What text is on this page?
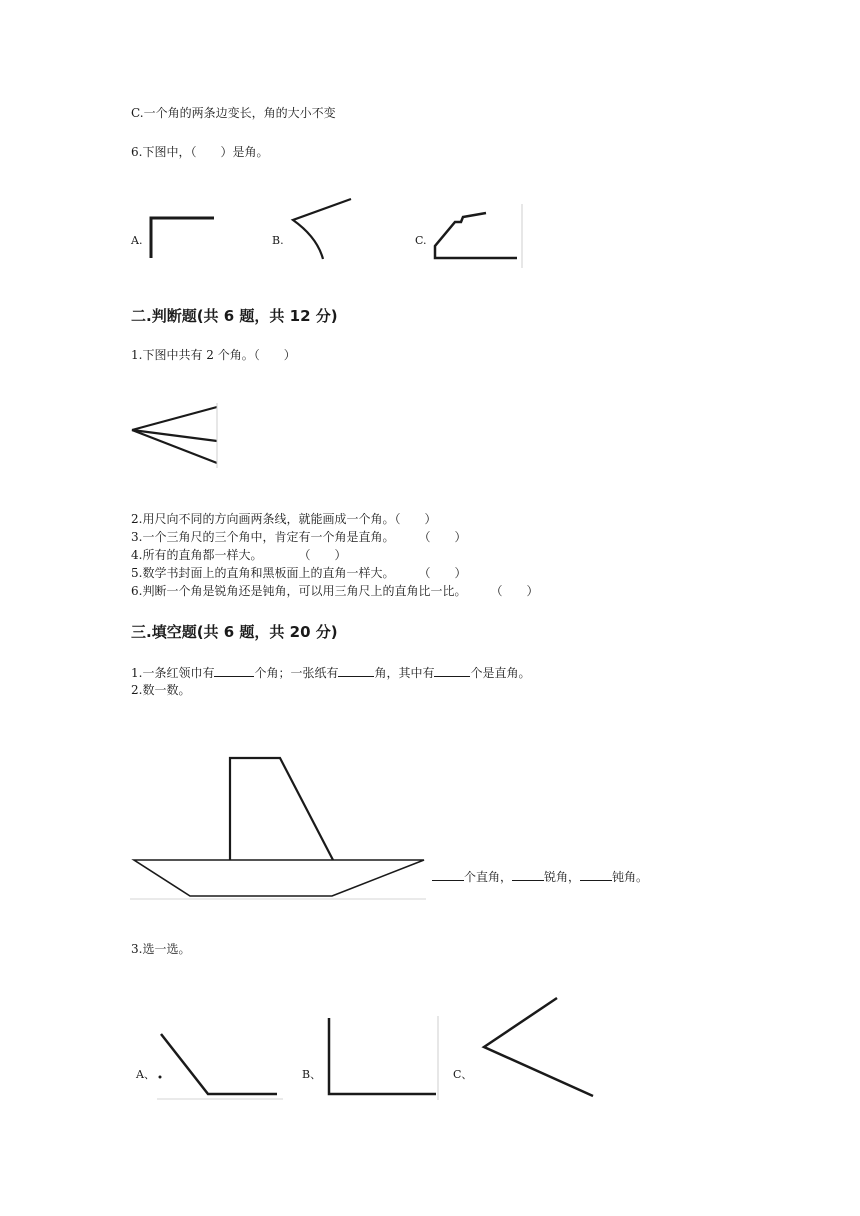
C.一个角的两条边变长，角的大小不变
6.下图中，（　　）是角。
A.	B.	C.
二.判断题(共 6 题，共 12 分)
1.下图中共有 2 个角。（　　）
2.用尺向不同的方向画两条线，就能画成一个角。（　　）
3.一个三角尺的三个角中，肯定有一个角是直角。　　　（　　）
4.所有的直角都一样大。　　　　（　　）
5.数学书封面上的直角和黑板面上的直角一样大。　　　（　　）
6.判断一个角是锐角还是钝角，可以用三角尺上的直角比一比。　　　（　　）
三.填空题(共 6 题，共 20 分)
1.一条红领巾有	个角；一张纸有	角，其中有	个是直角。
2.数一数。
个直角，	锐角，	钝角。
3.选一选。
A、	B、	C、
